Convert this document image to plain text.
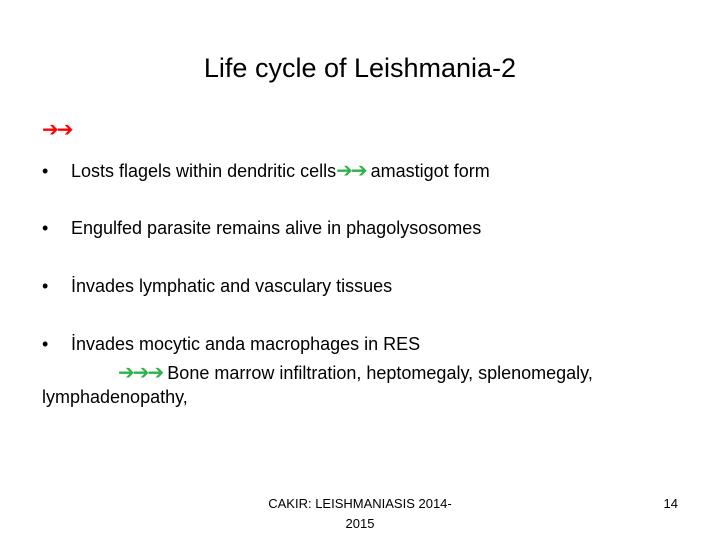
Life cycle of Leishmania-2
➔➔
• Losts flagels within dendritic cells➔➔ amastigot form
• Engulfed parasite remains alive in phagolysosomes
• İnvades lymphatic and vasculary tissues
• İnvades mocytic anda macrophages in RES
➔➔➔ Bone marrow infiltration, heptomegaly, splenomegaly,
lymphadenopathy,
CAKIR: LEISHMANIASIS 2014-
2015
14
